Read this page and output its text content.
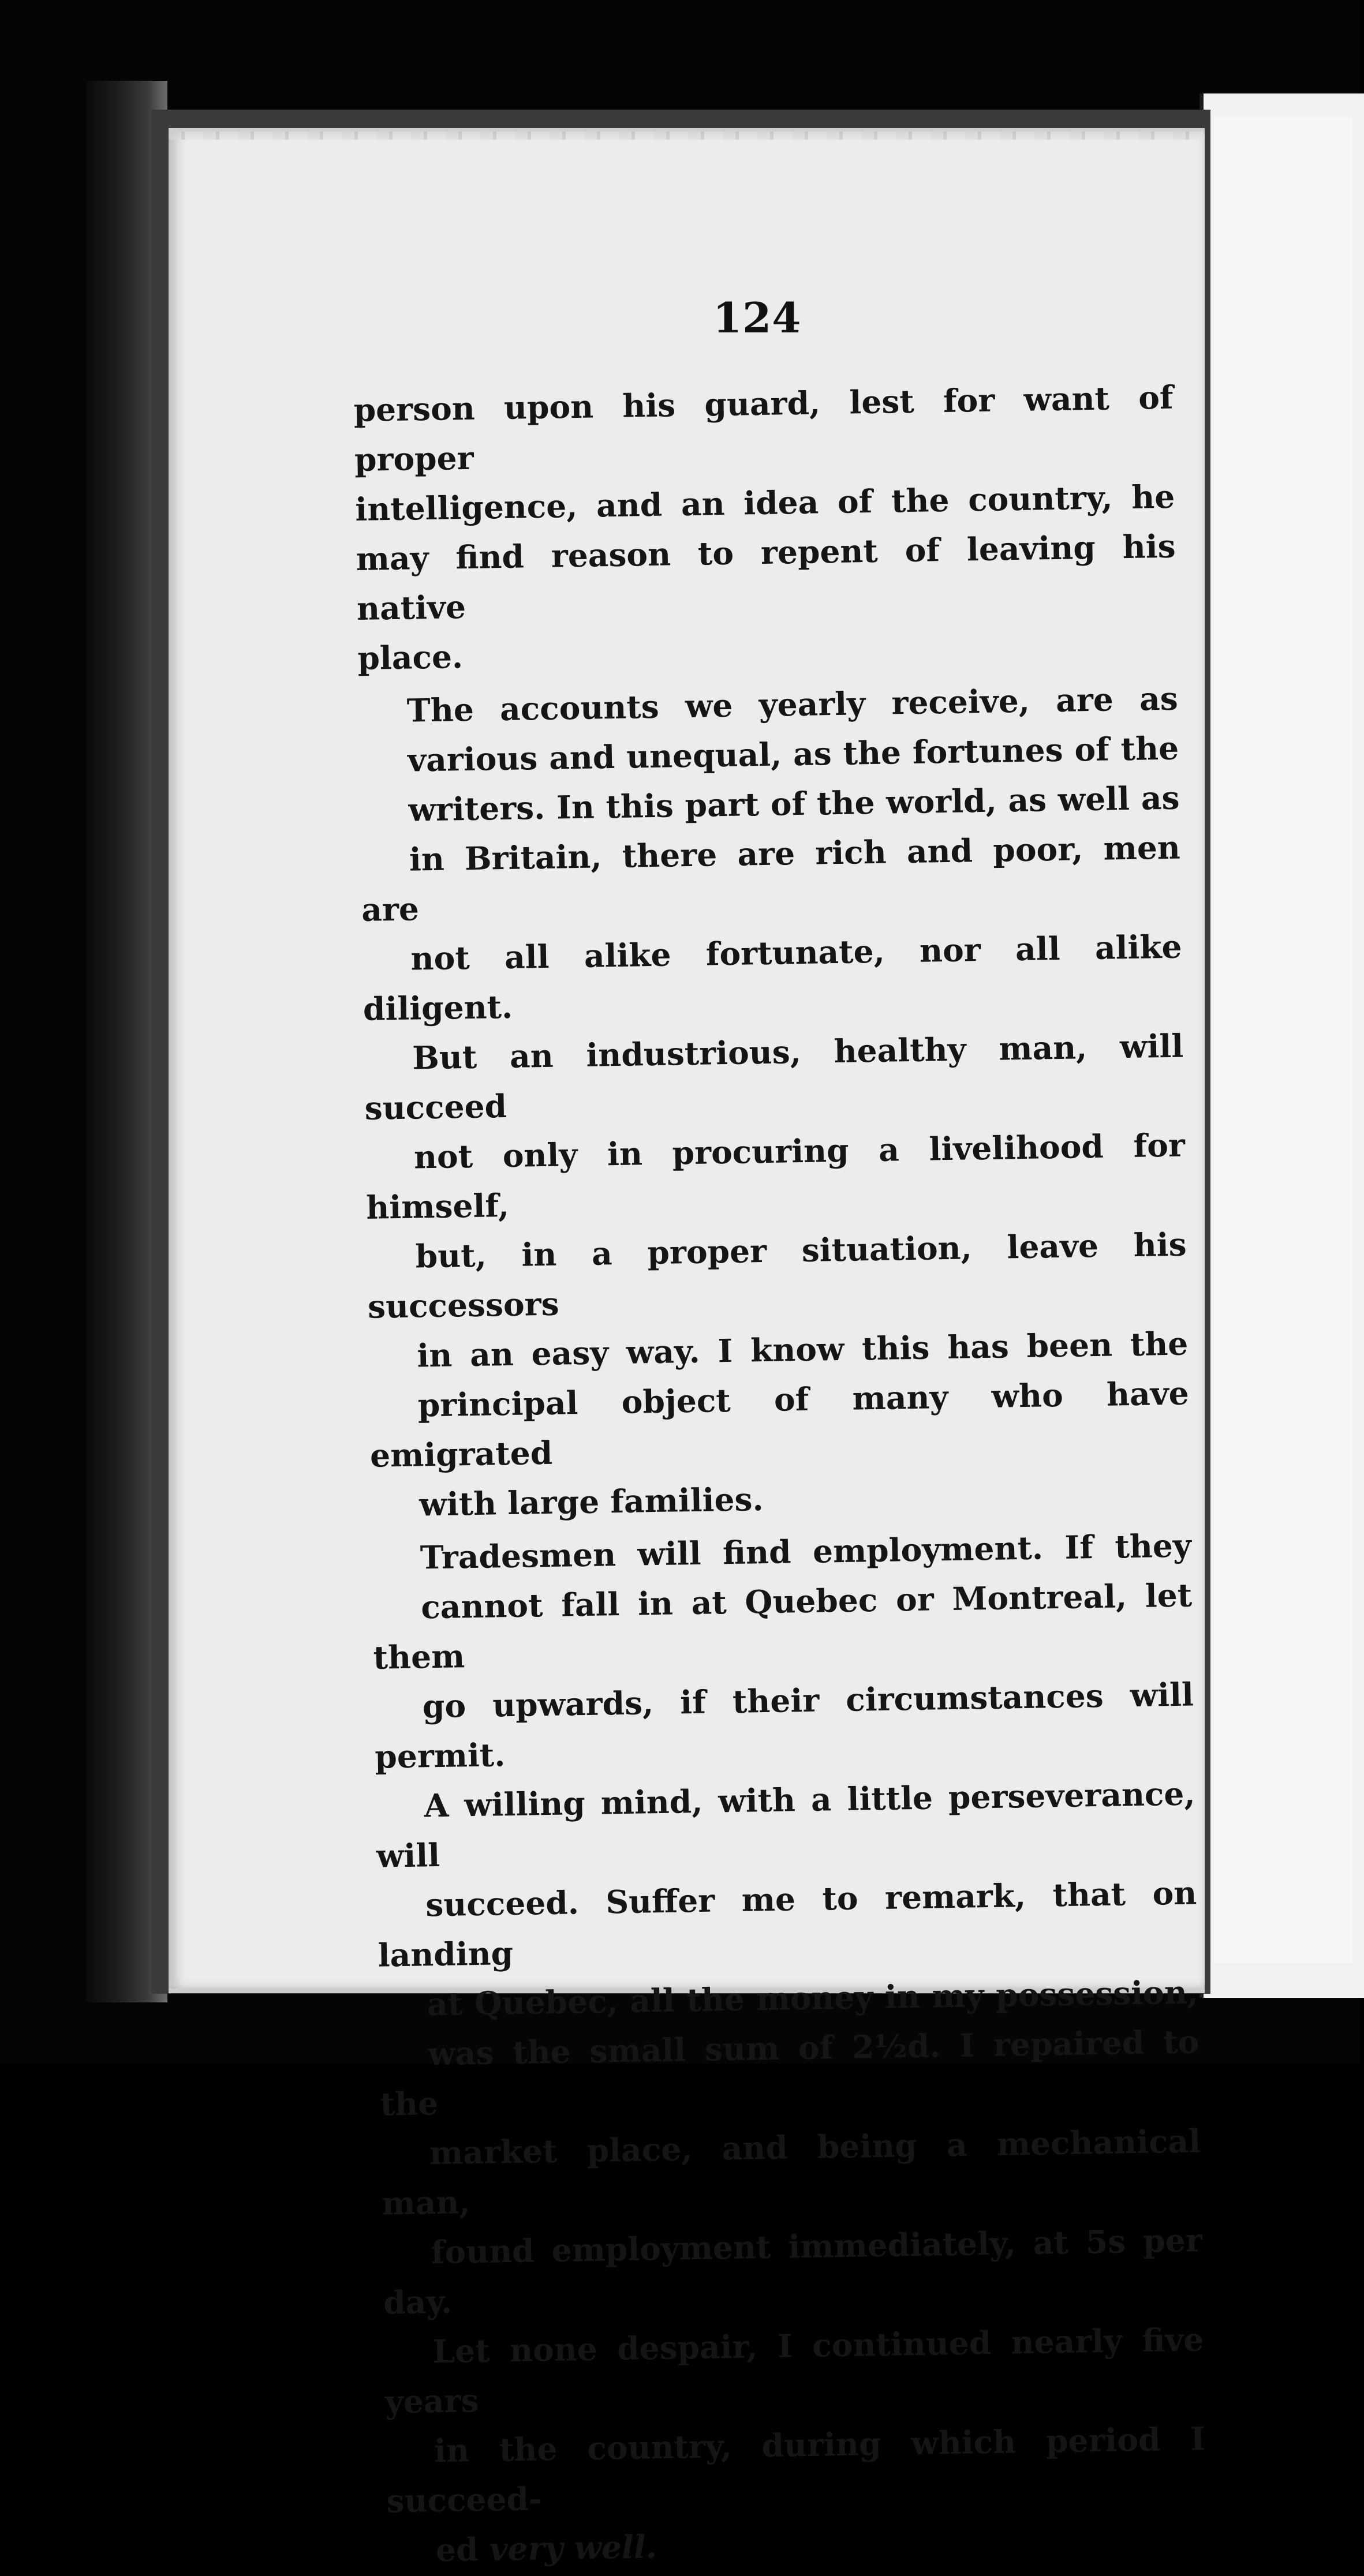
124

person upon his guard, lest for want of proper
intelligence, and an idea of the country, he
may find reason to repent of leaving his native
place.

The accounts we yearly receive, are as
various and unequal, as the fortunes of the
writers. In this part of the world, as well as
in Britain, there are rich and poor, men are
not all alike fortunate, nor all alike diligent.
But an industrious, healthy man, will succeed
not only in procuring a livelihood for himself,
but, in a proper situation, leave his successors
in an easy way. I know this has been the
principal object of many who have emigrated
with large families.

Tradesmen will find employment. If they
cannot fall in at Quebec or Montreal, let them
go upwards, if their circumstances will permit.
A willing mind, with a little perseverance, will
succeed. Suffer me to remark, that on landing
at Quebec, all the money in my possession,
was the small sum of 2½d. I repaired to the
market place, and being a mechanical man,
found employment immediately, at 5s per day.
Let none despair, I continued nearly five years
in the country, during which period I succeed-
ed very well.
